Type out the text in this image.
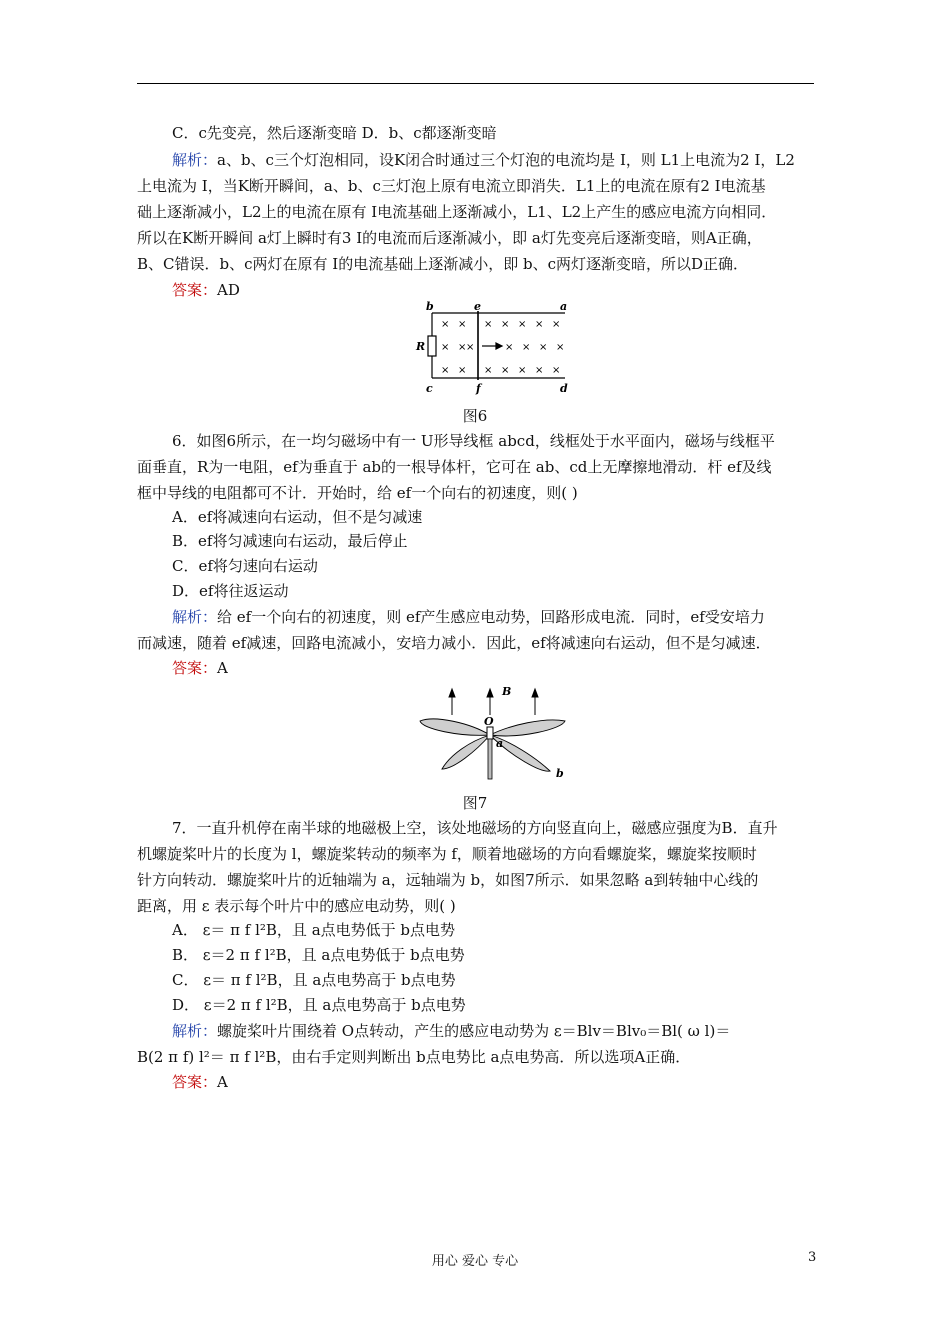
C．c先变亮，然后逐渐变暗 D．b、c都逐渐变暗
解析：a、b、c三个灯泡相同，设K闭合时通过三个灯泡的电流均是 I，则 L1上电流为2 I，L2
上电流为 I，当K断开瞬间，a、b、c三灯泡上原有电流立即消失．L1上的电流在原有2 I电流基
础上逐渐减小，L2上的电流在原有 I电流基础上逐渐减小，L1、L2上产生的感应电流方向相同．
所以在K断开瞬间 a灯上瞬时有3 I的电流而后逐渐减小，即 a灯先变亮后逐渐变暗，则A正确，
B、C错误．b、c两灯在原有 I的电流基础上逐渐减小，即 b、c两灯逐渐变暗，所以D正确．
答案：AD
× × × × × × ×
× × ×	× × × ×
× × × × × × ×
b	e	a
R
c	f	d
图6
6．如图6所示，在一均匀磁场中有一 U形导线框 abcd，线框处于水平面内，磁场与线框平
面垂直，R为一电阻，ef为垂直于 ab的一根导体杆，它可在 ab、cd上无摩擦地滑动．杆 ef及线
框中导线的电阻都可不计．开始时，给 ef一个向右的初速度，则( )
A．ef将减速向右运动，但不是匀减速
B．ef将匀减速向右运动，最后停止
C．ef将匀速向右运动
D．ef将往返运动
解析：给 ef一个向右的初速度，则 ef产生感应电动势，回路形成电流．同时，ef受安培力
而减速，随着 ef减速，回路电流减小，安培力减小．因此，ef将减速向右运动，但不是匀减速．
答案：A
B
O
a
b
图7
7．一直升机停在南半球的地磁极上空，该处地磁场的方向竖直向上，磁感应强度为B．直升
机螺旋桨叶片的长度为 l，螺旋桨转动的频率为 f，顺着地磁场的方向看螺旋桨，螺旋桨按顺时
针方向转动．螺旋桨叶片的近轴端为 a，远轴端为 b，如图7所示．如果忽略 a到转轴中心线的
距离，用 ε 表示每个叶片中的感应电动势，则( )
A． ε＝ π f l²B，且 a点电势低于 b点电势
B． ε＝2 π f l²B，且 a点电势低于 b点电势
C． ε＝ π f l²B，且 a点电势高于 b点电势
D． ε＝2 π f l²B，且 a点电势高于 b点电势
解析：螺旋桨叶片围绕着 O点转动，产生的感应电动势为 ε＝Blv＝Blv₀＝Bl( ω l)＝
B(2 π f) l²＝ π f l²B，由右手定则判断出 b点电势比 a点电势高．所以选项A正确．
答案：A
用心 爱心 专心	3
